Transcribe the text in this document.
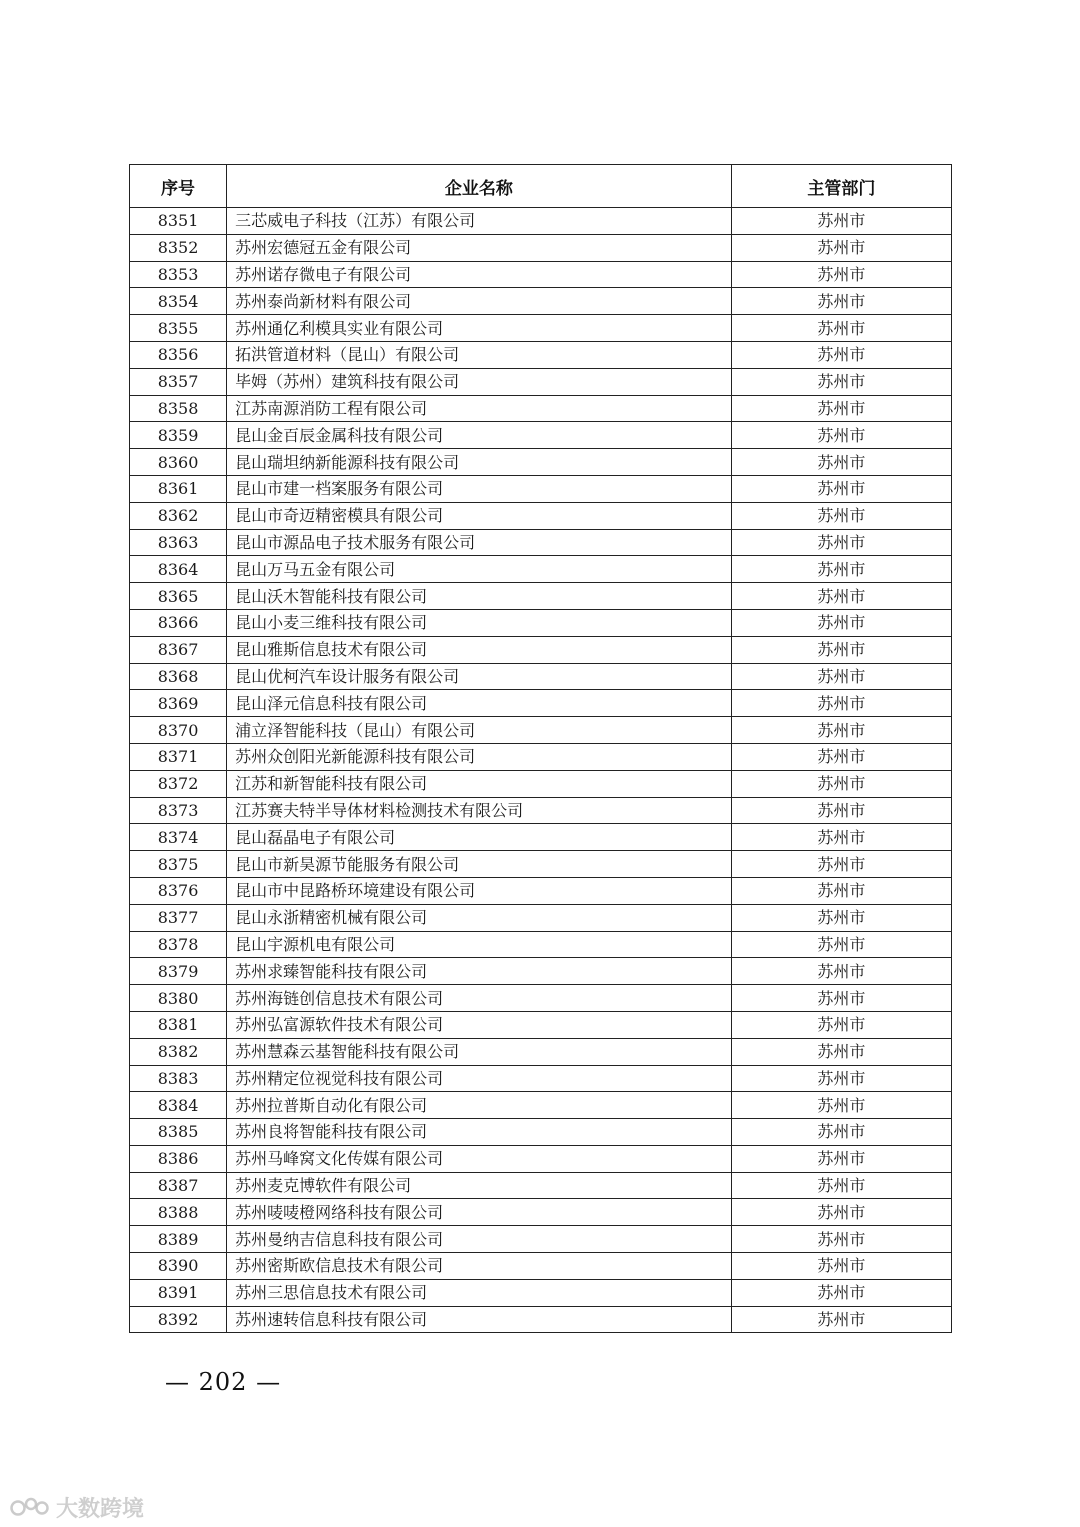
序号	企业名称	主管部门
8351	三芯威电子科技（江苏）有限公司	苏州市
8352	苏州宏德冠五金有限公司	苏州市
8353	苏州诺存微电子有限公司	苏州市
8354	苏州泰尚新材料有限公司	苏州市
8355	苏州通亿利模具实业有限公司	苏州市
8356	拓洪管道材料（昆山）有限公司	苏州市
8357	毕姆（苏州）建筑科技有限公司	苏州市
8358	江苏南源消防工程有限公司	苏州市
8359	昆山金百辰金属科技有限公司	苏州市
8360	昆山瑞坦纳新能源科技有限公司	苏州市
8361	昆山市建一档案服务有限公司	苏州市
8362	昆山市奇迈精密模具有限公司	苏州市
8363	昆山市源品电子技术服务有限公司	苏州市
8364	昆山万马五金有限公司	苏州市
8365	昆山沃木智能科技有限公司	苏州市
8366	昆山小麦三维科技有限公司	苏州市
8367	昆山雅斯信息技术有限公司	苏州市
8368	昆山优柯汽车设计服务有限公司	苏州市
8369	昆山泽元信息科技有限公司	苏州市
8370	浦立泽智能科技（昆山）有限公司	苏州市
8371	苏州众创阳光新能源科技有限公司	苏州市
8372	江苏和新智能科技有限公司	苏州市
8373	江苏赛夫特半导体材料检测技术有限公司	苏州市
8374	昆山磊晶电子有限公司	苏州市
8375	昆山市新昊源节能服务有限公司	苏州市
8376	昆山市中昆路桥环境建设有限公司	苏州市
8377	昆山永浙精密机械有限公司	苏州市
8378	昆山宇源机电有限公司	苏州市
8379	苏州求臻智能科技有限公司	苏州市
8380	苏州海链创信息技术有限公司	苏州市
8381	苏州弘富源软件技术有限公司	苏州市
8382	苏州慧森云基智能科技有限公司	苏州市
8383	苏州精定位视觉科技有限公司	苏州市
8384	苏州拉普斯自动化有限公司	苏州市
8385	苏州良将智能科技有限公司	苏州市
8386	苏州马峰窝文化传媒有限公司	苏州市
8387	苏州麦克博软件有限公司	苏州市
8388	苏州唛唛橙网络科技有限公司	苏州市
8389	苏州曼纳吉信息科技有限公司	苏州市
8390	苏州密斯欧信息技术有限公司	苏州市
8391	苏州三思信息技术有限公司	苏州市
8392	苏州速转信息科技有限公司	苏州市
— 202 —
大数跨境
